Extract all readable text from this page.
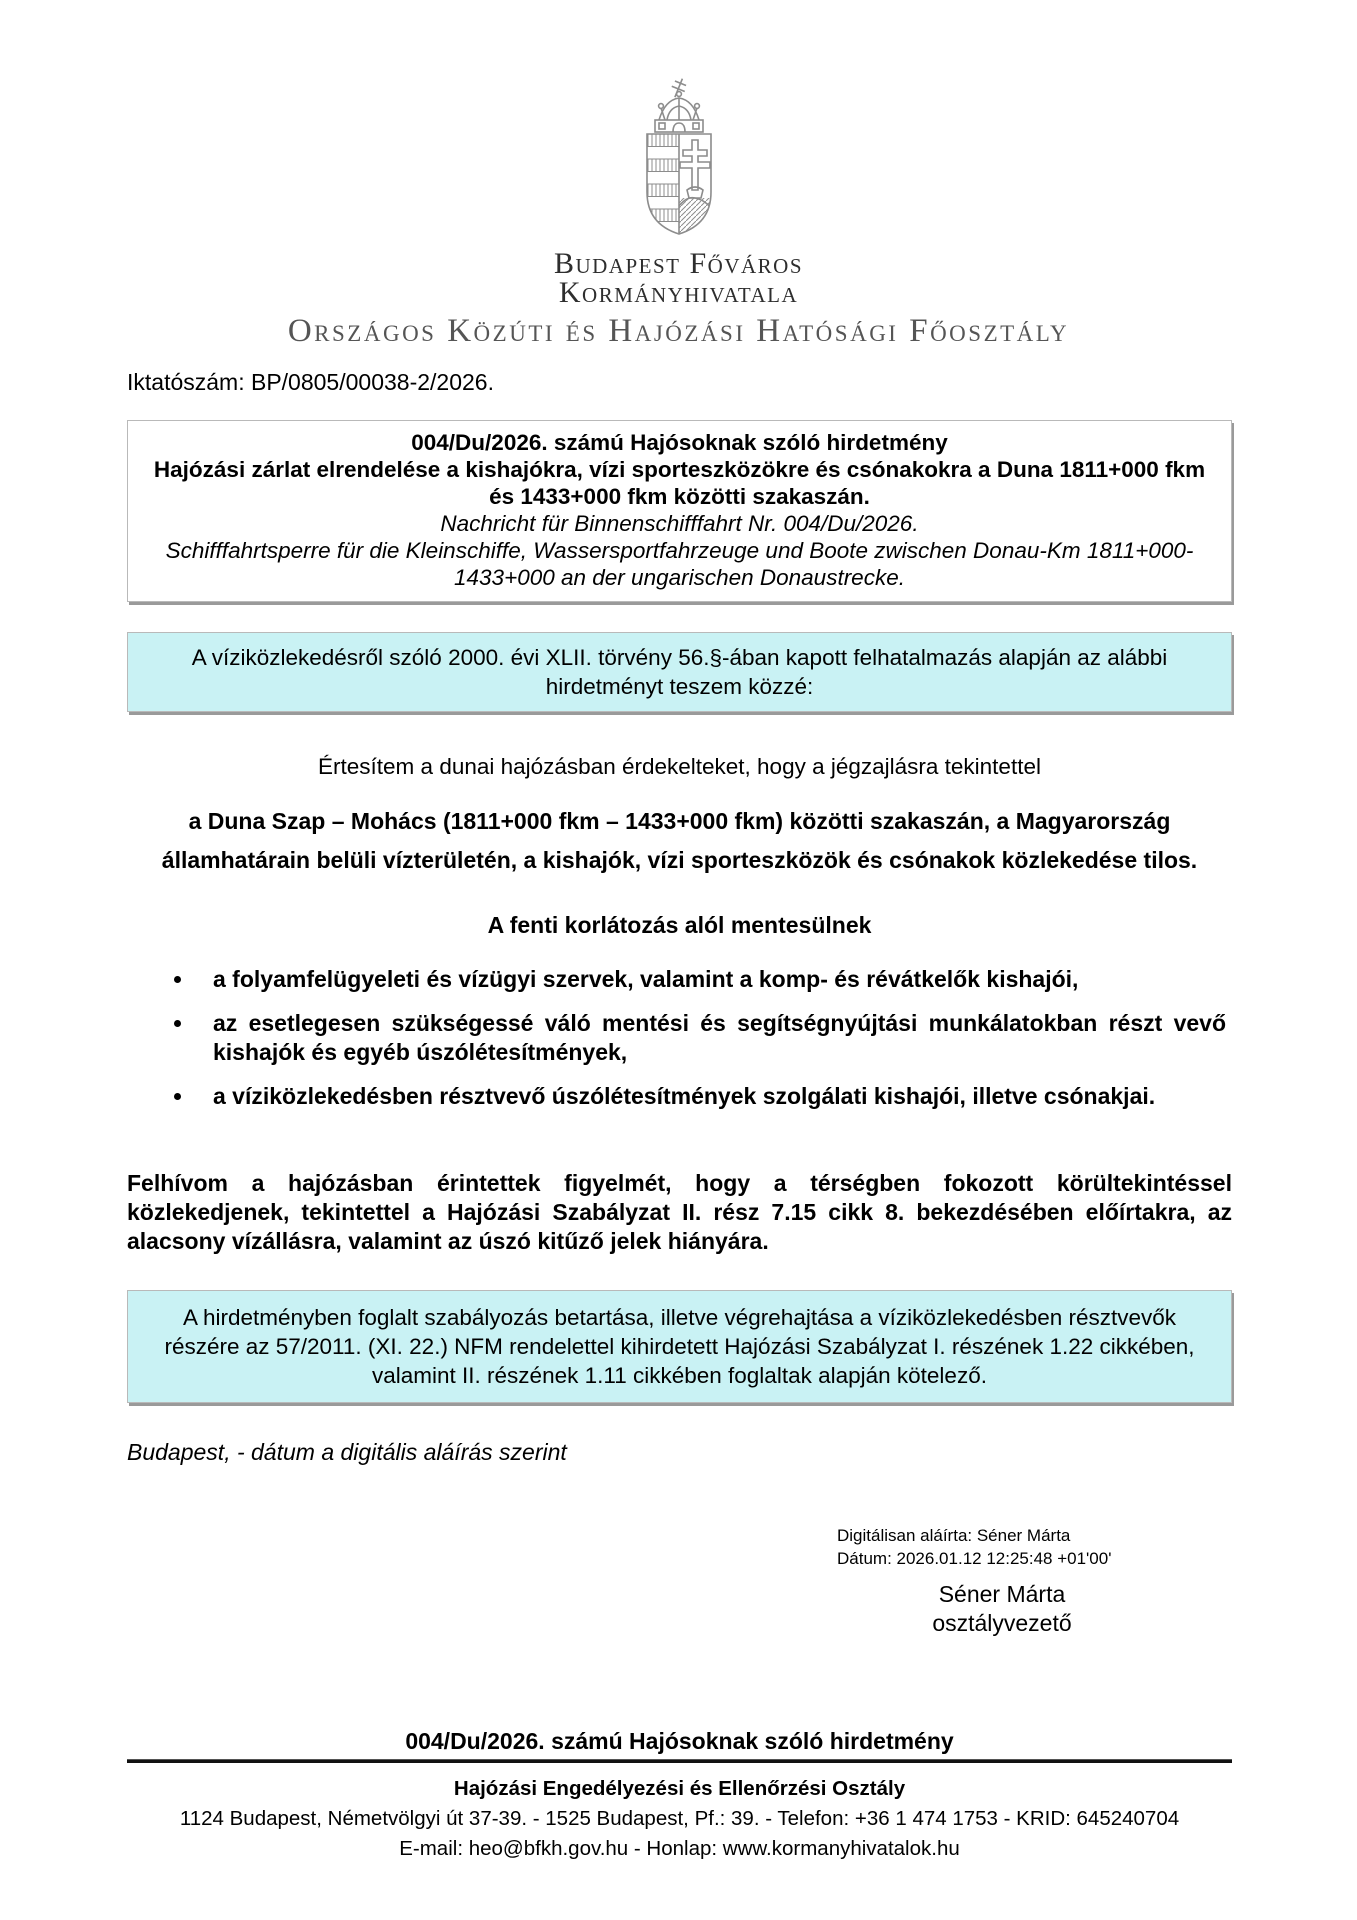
Budapest Főváros
Kormányhivatala
Országos Közúti és Hajózási Hatósági Főosztály
Iktatószám: BP/0805/00038-2/2026.
004/Du/2026. számú Hajósoknak szóló hirdetmény
Hajózási zárlat elrendelése a kishajókra, vízi sporteszközökre és csónakokra a Duna 1811+000 fkm és 1433+000 fkm közötti szakaszán.
Nachricht für Binnenschifffahrt Nr. 004/Du/2026.
Schifffahrtsperre für die Kleinschiffe, Wassersportfahrzeuge und Boote zwischen Donau-Km 1811+000-1433+000 an der ungarischen Donaustrecke.
A víziközlekedésről szóló 2000. évi XLII. törvény 56.§-ában kapott felhatalmazás alapján az alábbi hirdetményt teszem közzé:
Értesítem a dunai hajózásban érdekelteket, hogy a jégzajlásra tekintettel
a Duna Szap – Mohács (1811+000 fkm – 1433+000 fkm) közötti szakaszán, a Magyarország államhatárain belüli vízterületén, a kishajók, vízi sporteszközök és csónakok közlekedése tilos.
A fenti korlátozás alól mentesülnek
• a folyamfelügyeleti és vízügyi szervek, valamint a komp- és révátkelők kishajói,
• az esetlegesen szükségessé váló mentési és segítségnyújtási munkálatokban részt vevő kishajók és egyéb úszólétesítmények,
• a víziközlekedésben résztvevő úszólétesítmények szolgálati kishajói, illetve csónakjai.
Felhívom a hajózásban érintettek figyelmét, hogy a térségben fokozott körültekintéssel közlekedjenek, tekintettel a Hajózási Szabályzat II. rész 7.15 cikk 8. bekezdésében előírtakra, az alacsony vízállásra, valamint az úszó kitűző jelek hiányára.
A hirdetményben foglalt szabályozás betartása, illetve végrehajtása a víziközlekedésben résztvevők részére az 57/2011. (XI. 22.) NFM rendelettel kihirdetett Hajózási Szabályzat I. részének 1.22 cikkében, valamint II. részének 1.11 cikkében foglaltak alapján kötelező.
Budapest, - dátum a digitális aláírás szerint
Digitálisan aláírta: Séner Márta
Dátum: 2026.01.12 12:25:48 +01'00'
Séner Márta
osztályvezető
004/Du/2026. számú Hajósoknak szóló hirdetmény
Hajózási Engedélyezési és Ellenőrzési Osztály
1124 Budapest, Németvölgyi út 37-39. - 1525 Budapest, Pf.: 39. - Telefon: +36 1 474 1753 - KRID: 645240704
E-mail: heo@bfkh.gov.hu - Honlap: www.kormanyhivatalok.hu
